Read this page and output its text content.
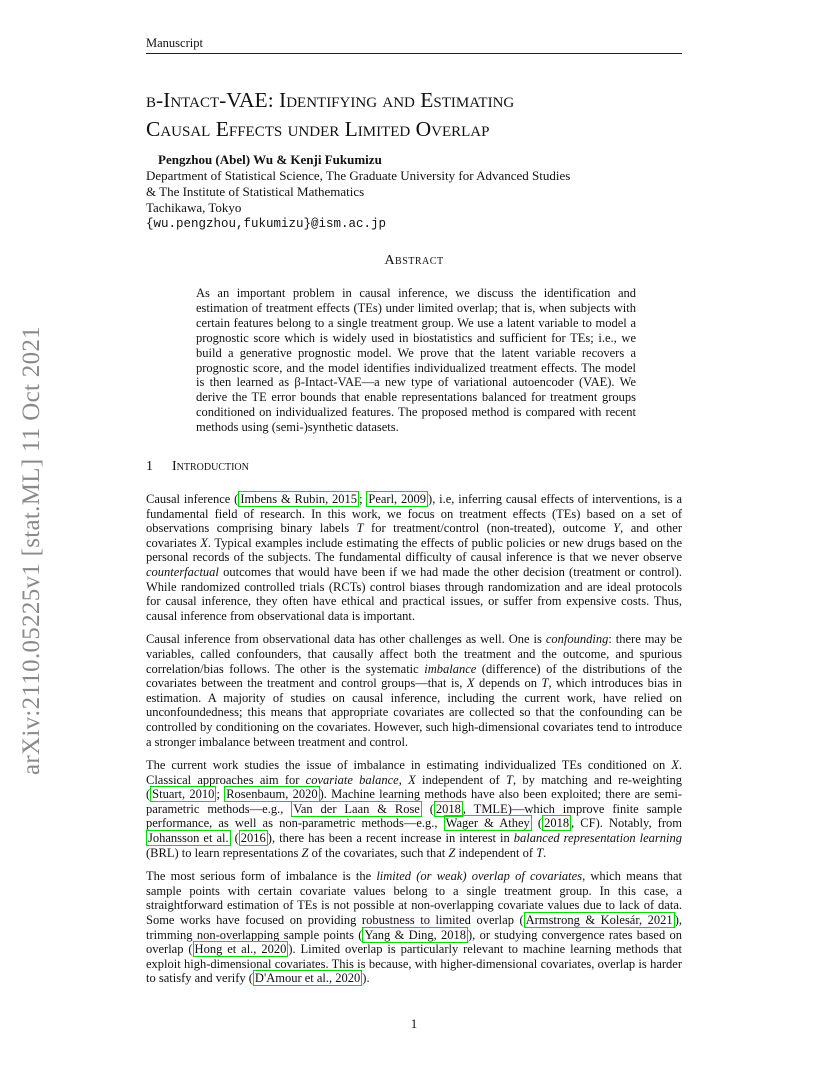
Manuscript
arXiv:2110.05225v1 [stat.ML] 11 Oct 2021
β-Intact-VAE: Identifying and Estimating
Causal Effects under Limited Overlap
Pengzhou (Abel) Wu & Kenji Fukumizu
Department of Statistical Science, The Graduate University for Advanced Studies
& The Institute of Statistical Mathematics
Tachikawa, Tokyo
{wu.pengzhou,fukumizu}@ism.ac.jp
Abstract
As an important problem in causal inference, we discuss the identification and estimation of treatment effects (TEs) under limited overlap; that is, when subjects with certain features belong to a single treatment group. We use a latent variable to model a prognostic score which is widely used in biostatistics and sufficient for TEs; i.e., we build a generative prognostic model. We prove that the latent variable recovers a prognostic score, and the model identifies individualized treatment effects. The model is then learned as β-Intact-VAE—a new type of variational autoencoder (VAE). We derive the TE error bounds that enable representations balanced for treatment groups conditioned on individualized features. The proposed method is compared with recent methods using (semi-)synthetic datasets.
1 Introduction

Causal inference ( Imbens & Rubin, 2015 ; Pearl, 2009 ), i.e, inferring causal effects of interventions, is a fundamental field of research. In this work, we focus on treatment effects (TEs) based on a set of observations comprising binary labels T for treatment/control (non-treated), outcome Y, and other covariates X. Typical examples include estimating the effects of public policies or new drugs based on the personal records of the subjects. The fundamental difficulty of causal inference is that we never observe counterfactual outcomes that would have been if we had made the other decision (treatment or control). While randomized controlled trials (RCTs) control biases through randomization and are ideal protocols for causal inference, they often have ethical and practical issues, or suffer from expensive costs. Thus, causal inference from observational data is important.

Causal inference from observational data has other challenges as well. One is confounding: there may be variables, called confounders, that causally affect both the treatment and the outcome, and spurious correlation/bias follows. The other is the systematic imbalance (difference) of the distributions of the covariates between the treatment and control groups—that is, X depends on T, which introduces bias in estimation. A majority of studies on causal inference, including the current work, have relied on unconfoundedness; this means that appropriate covariates are collected so that the confounding can be controlled by conditioning on the covariates. However, such high-dimensional covariates tend to introduce a stronger imbalance between treatment and control.

The current work studies the issue of imbalance in estimating individualized TEs conditioned on X. Classical approaches aim for covariate balance, X independent of T, by matching and re-weighting ( Stuart, 2010 ; Rosenbaum, 2020 ). Machine learning methods have also been exploited; there are semi-parametric methods—e.g., Van der Laan & Rose ( 2018 , TMLE)—which improve finite sample performance, as well as non-parametric methods—e.g., Wager & Athey ( 2018 , CF). Notably, from Johansson et al. ( 2016 ), there has been a recent increase in interest in balanced representation learning (BRL) to learn representations Z of the covariates, such that Z independent of T.

The most serious form of imbalance is the limited (or weak) overlap of covariates, which means that sample points with certain covariate values belong to a single treatment group. In this case, a straightforward estimation of TEs is not possible at non-overlapping covariate values due to lack of data. Some works have focused on providing robustness to limited overlap ( Armstrong & Kolesár, 2021 ), trimming non-overlapping sample points ( Yang & Ding, 2018 ), or studying convergence rates based on overlap ( Hong et al., 2020 ). Limited overlap is particularly relevant to machine learning methods that exploit high-dimensional covariates. This is because, with higher-dimensional covariates, overlap is harder to satisfy and verify ( D'Amour et al., 2020 ).

1
